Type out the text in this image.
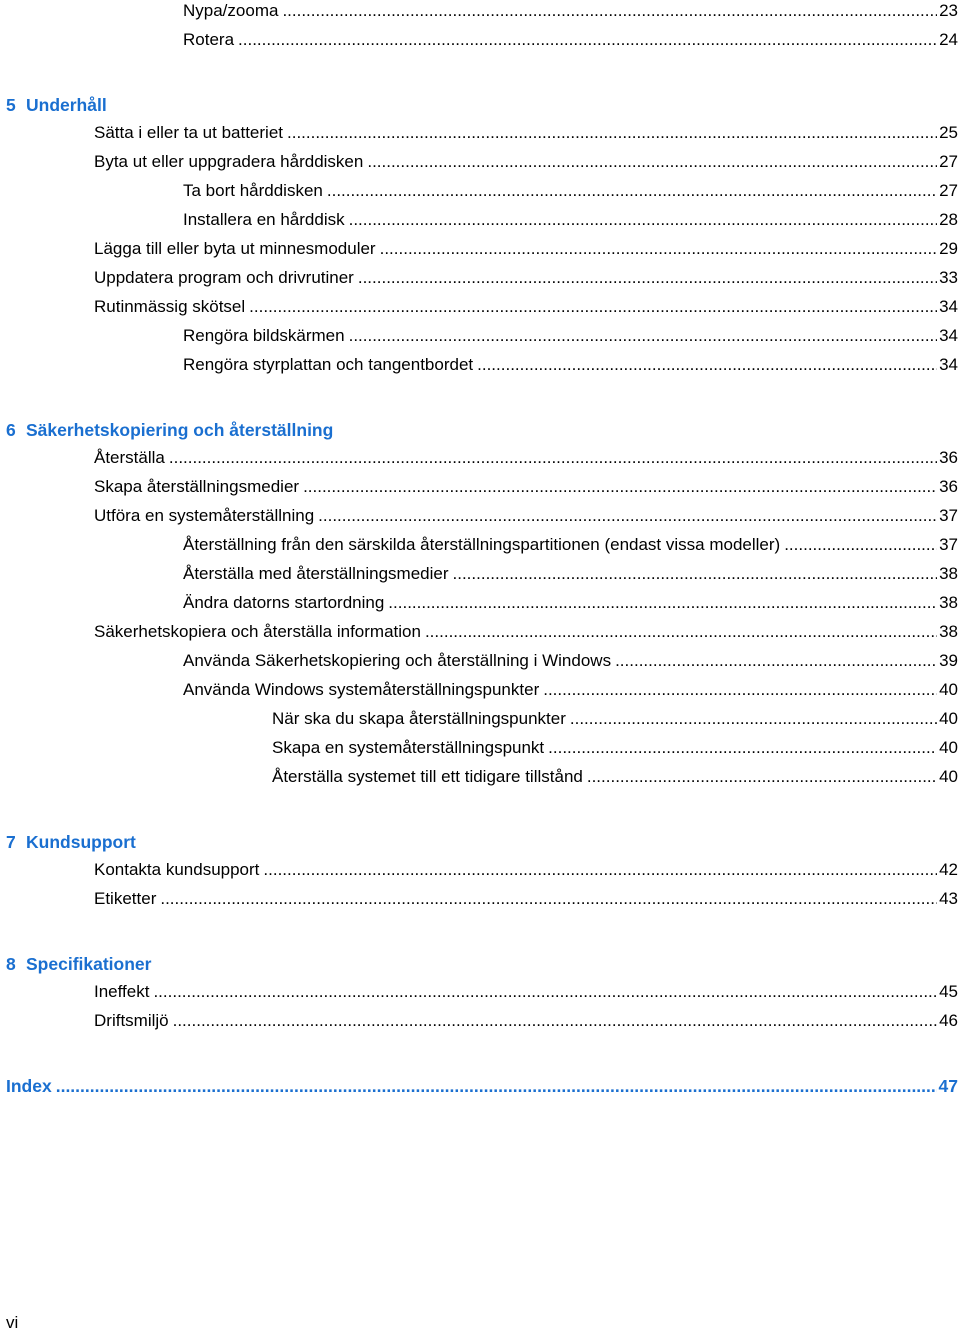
Nypa/zooma .....	23
Rotera .....	24
5 Underhåll
Sätta i eller ta ut batteriet .....	25
Byta ut eller uppgradera hårddisken .....	27
Ta bort hårddisken .....	27
Installera en hårddisk .....	28
Lägga till eller byta ut minnesmoduler .....	29
Uppdatera program och drivrutiner .....	33
Rutinmässig skötsel .....	34
Rengöra bildskärmen .....	34
Rengöra styrplattan och tangentbordet .....	34
6 Säkerhetskopiering och återställning
Återställa .....	36
Skapa återställningsmedier .....	36
Utföra en systemåterställning .....	37
Återställning från den särskilda återställningspartitionen (endast vissa modeller) .....	37
Återställa med återställningsmedier .....	38
Ändra datorns startordning .....	38
Säkerhetskopiera och återställa information .....	38
Använda Säkerhetskopiering och återställning i Windows .....	39
Använda Windows systemåterställningspunkter .....	40
När ska du skapa återställningspunkter .....	40
Skapa en systemåterställningspunkt .....	40
Återställa systemet till ett tidigare tillstånd .....	40
7 Kundsupport
Kontakta kundsupport .....	42
Etiketter .....	43
8 Specifikationer
Ineffekt .....	45
Driftsmiljö .....	46
Index .....	47
vi
